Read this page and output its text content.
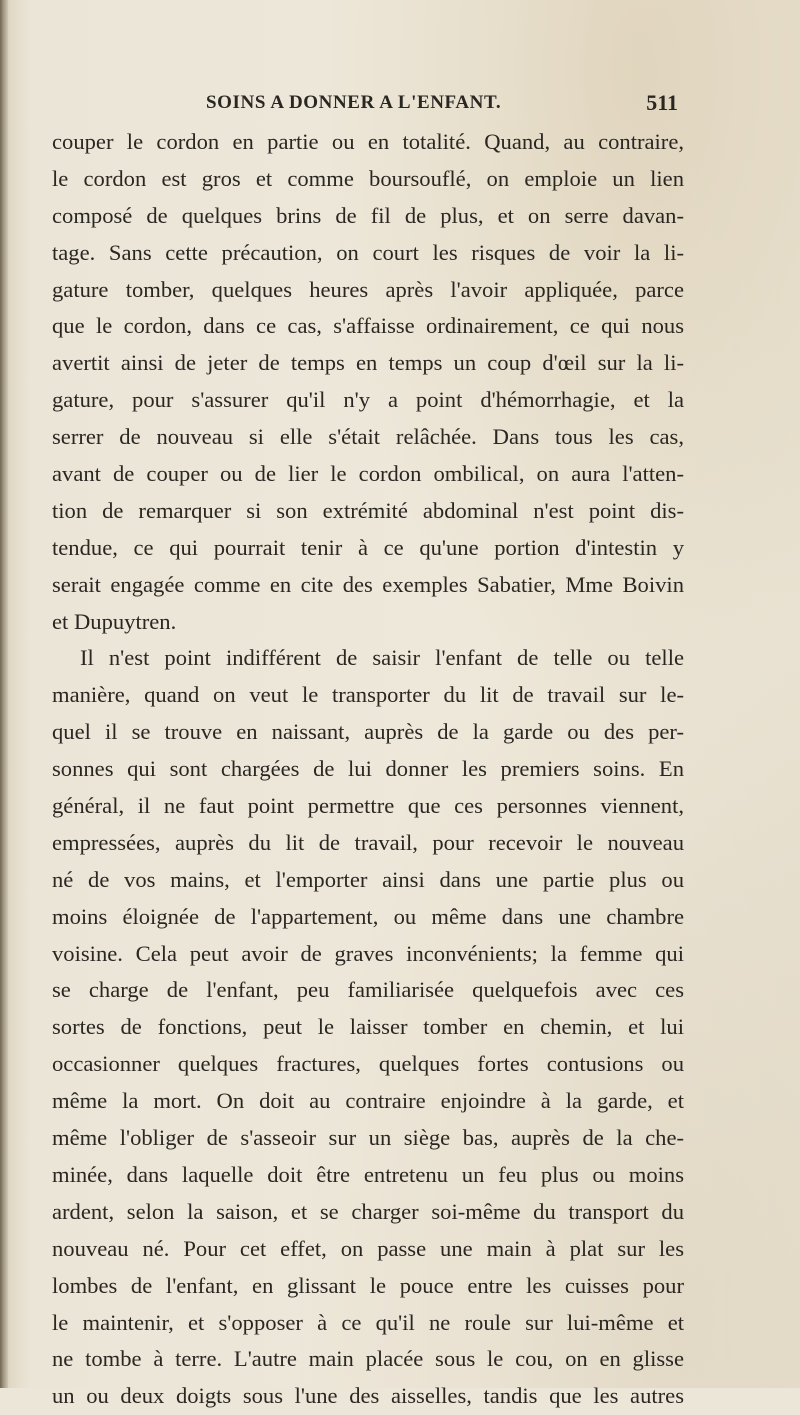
SOINS A DONNER A L'ENFANT.	511
couper le cordon en partie ou en totalité. Quand, au contraire,
le cordon est gros et comme boursouflé, on emploie un lien
composé de quelques brins de fil de plus, et on serre davan-
tage. Sans cette précaution, on court les risques de voir la li-
gature tomber, quelques heures après l'avoir appliquée, parce
que le cordon, dans ce cas, s'affaisse ordinairement, ce qui nous
avertit ainsi de jeter de temps en temps un coup d'œil sur la li-
gature, pour s'assurer qu'il n'y a point d'hémorrhagie, et la
serrer de nouveau si elle s'était relâchée. Dans tous les cas,
avant de couper ou de lier le cordon ombilical, on aura l'atten-
tion de remarquer si son extrémité abdominal n'est point dis-
tendue, ce qui pourrait tenir à ce qu'une portion d'intestin y
serait engagée comme en cite des exemples Sabatier, Mme Boivin
et Dupuytren.
Il n'est point indifférent de saisir l'enfant de telle ou telle
manière, quand on veut le transporter du lit de travail sur le-
quel il se trouve en naissant, auprès de la garde ou des per-
sonnes qui sont chargées de lui donner les premiers soins. En
général, il ne faut point permettre que ces personnes viennent,
empressées, auprès du lit de travail, pour recevoir le nouveau
né de vos mains, et l'emporter ainsi dans une partie plus ou
moins éloignée de l'appartement, ou même dans une chambre
voisine. Cela peut avoir de graves inconvénients; la femme qui
se charge de l'enfant, peu familiarisée quelquefois avec ces
sortes de fonctions, peut le laisser tomber en chemin, et lui
occasionner quelques fractures, quelques fortes contusions ou
même la mort. On doit au contraire enjoindre à la garde, et
même l'obliger de s'asseoir sur un siège bas, auprès de la che-
minée, dans laquelle doit être entretenu un feu plus ou moins
ardent, selon la saison, et se charger soi-même du transport du
nouveau né. Pour cet effet, on passe une main à plat sur les
lombes de l'enfant, en glissant le pouce entre les cuisses pour
le maintenir, et s'opposer à ce qu'il ne roule sur lui-même et
ne tombe à terre. L'autre main placée sous le cou, on en glisse
un ou deux doigts sous l'une des aisselles, tandis que les autres
